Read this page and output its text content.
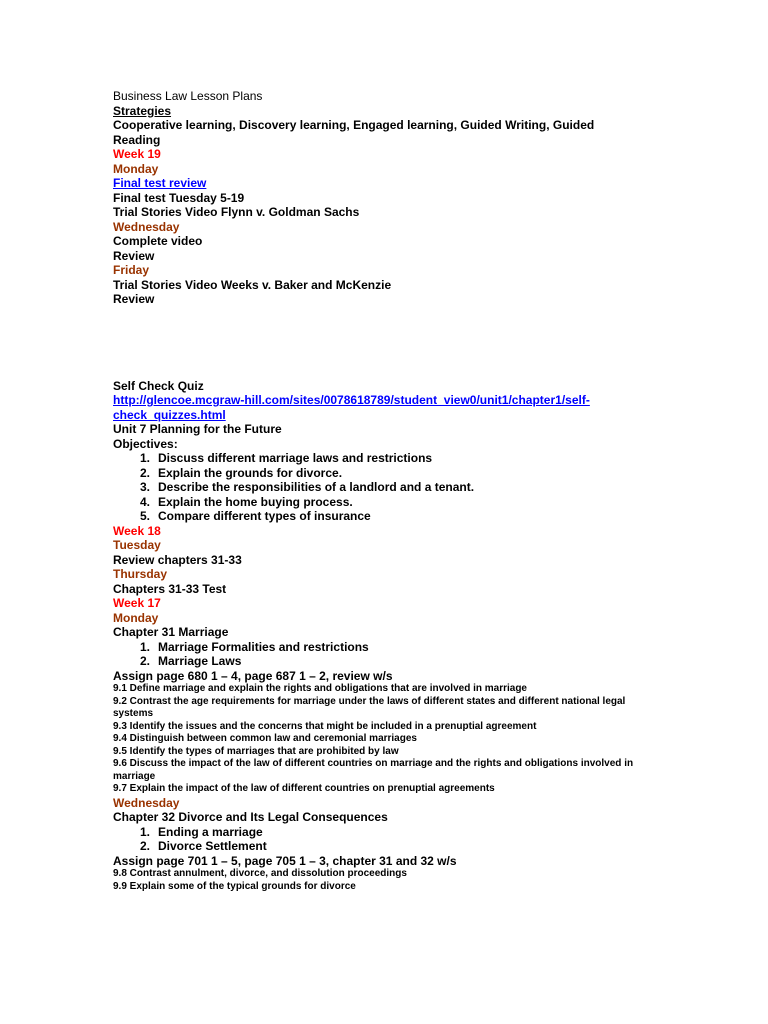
Business Law Lesson Plans
Strategies
Cooperative learning, Discovery learning, Engaged learning, Guided Writing, Guided Reading
Week 19
Monday
Final test review
Final test Tuesday 5-19
Trial Stories Video Flynn v. Goldman Sachs
Wednesday
Complete video
Review
Friday
Trial Stories Video Weeks v. Baker and McKenzie
Review
Self Check Quiz
http://glencoe.mcgraw-hill.com/sites/0078618789/student_view0/unit1/chapter1/self-
check_quizzes.html
Unit 7 Planning for the Future
Objectives:
1. Discuss different marriage laws and restrictions
2. Explain the grounds for divorce.
3. Describe the responsibilities of a landlord and a tenant.
4. Explain the home buying process.
5. Compare different types of insurance
Week 18
Tuesday
Review chapters 31-33
Thursday
Chapters 31-33 Test
Week 17
Monday
Chapter 31 Marriage
1. Marriage Formalities and restrictions
2. Marriage Laws
Assign page 680 1 – 4, page 687 1 – 2, review w/s
9.1 Define marriage and explain the rights and obligations that are involved in marriage
9.2 Contrast the age requirements for marriage under the laws of different states and different national legal systems
9.3 Identify the issues and the concerns that might be included in a prenuptial agreement
9.4 Distinguish between common law and ceremonial marriages
9.5 Identify the types of marriages that are prohibited by law
9.6 Discuss the impact of the law of different countries on marriage and the rights and obligations involved in marriage
9.7 Explain the impact of the law of different countries on prenuptial agreements
Wednesday
Chapter 32 Divorce and Its Legal Consequences
1. Ending a marriage
2. Divorce Settlement
Assign page 701 1 – 5, page 705 1 – 3, chapter 31 and 32 w/s
9.8 Contrast annulment, divorce, and dissolution proceedings
9.9 Explain some of the typical grounds for divorce
